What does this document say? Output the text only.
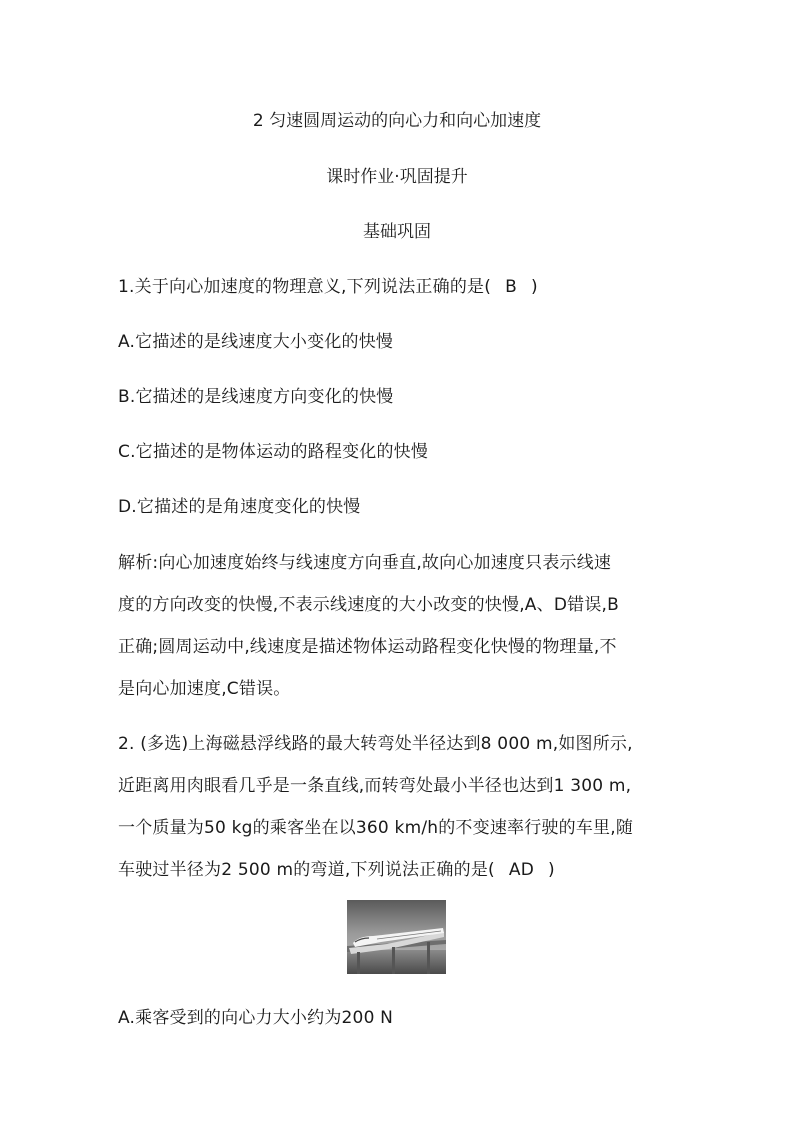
2 匀速圆周运动的向心力和向心加速度
课时作业·巩固提升
基础巩固
1.关于向心加速度的物理意义,下列说法正确的是( B )
A.它描述的是线速度大小变化的快慢
B.它描述的是线速度方向变化的快慢
C.它描述的是物体运动的路程变化的快慢
D.它描述的是角速度变化的快慢
解析:向心加速度始终与线速度方向垂直,故向心加速度只表示线速
度的方向改变的快慢,不表示线速度的大小改变的快慢,A、D错误,B
正确;圆周运动中,线速度是描述物体运动路程变化快慢的物理量,不
是向心加速度,C错误。
2. (多选)上海磁悬浮线路的最大转弯处半径达到8 000 m,如图所示,
近距离用肉眼看几乎是一条直线,而转弯处最小半径也达到1 300 m,
一个质量为50 kg的乘客坐在以360 km/h的不变速率行驶的车里,随
车驶过半径为2 500 m的弯道,下列说法正确的是( AD )
A.乘客受到的向心力大小约为200 N
